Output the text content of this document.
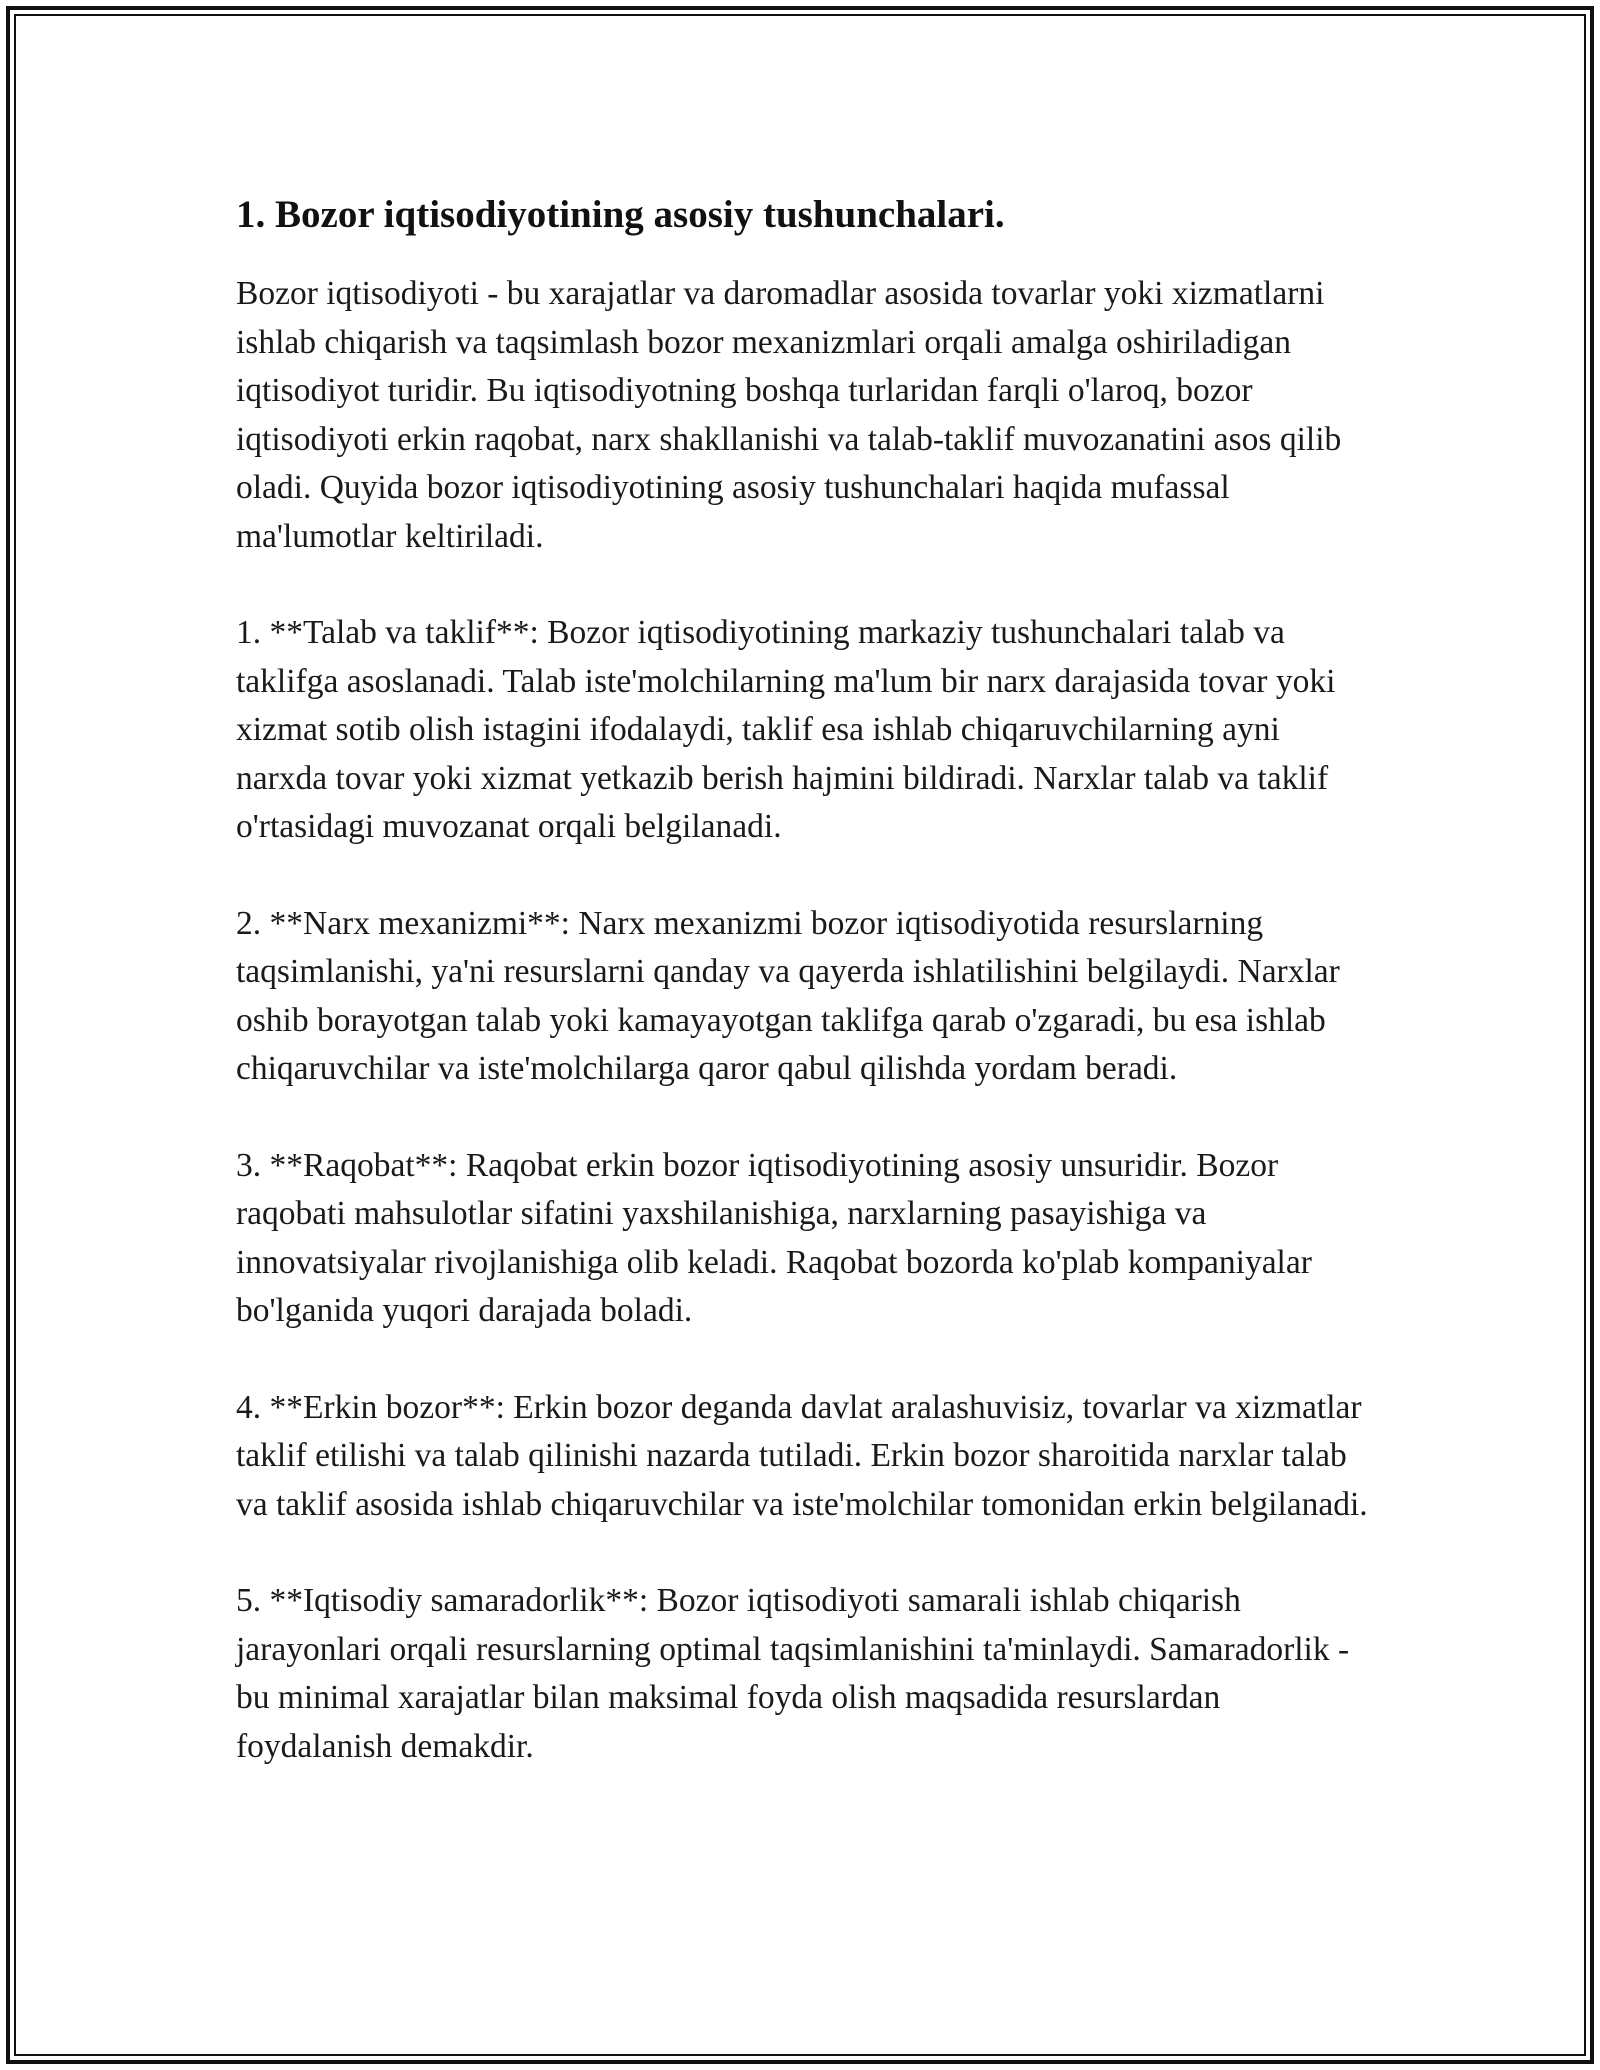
1. Bozor iqtisodiyotining asosiy tushunchalari.

Bozor iqtisodiyoti - bu xarajatlar va daromadlar asosida tovarlar yoki xizmatlarni ishlab chiqarish va taqsimlash bozor mexanizmlari orqali amalga oshiriladigan iqtisodiyot turidir. Bu iqtisodiyotning boshqa turlaridan farqli o'laroq, bozor iqtisodiyoti erkin raqobat, narx shakllanishi va talab-taklif muvozanatini asos qilib oladi. Quyida bozor iqtisodiyotining asosiy tushunchalari haqida mufassal ma'lumotlar keltiriladi.

1. **Talab va taklif**: Bozor iqtisodiyotining markaziy tushunchalari talab va taklifga asoslanadi. Talab iste'molchilarning ma'lum bir narx darajasida tovar yoki xizmat sotib olish istagini ifodalaydi, taklif esa ishlab chiqaruvchilarning ayni narxda tovar yoki xizmat yetkazib berish hajmini bildiradi. Narxlar talab va taklif o'rtasidagi muvozanat orqali belgilanadi.

2. **Narx mexanizmi**: Narx mexanizmi bozor iqtisodiyotida resurslarning taqsimlanishi, ya'ni resurslarni qanday va qayerda ishlatilishini belgilaydi. Narxlar oshib borayotgan talab yoki kamayayotgan taklifga qarab o'zgaradi, bu esa ishlab chiqaruvchilar va iste'molchilarga qaror qabul qilishda yordam beradi.

3. **Raqobat**: Raqobat erkin bozor iqtisodiyotining asosiy unsuridir. Bozor raqobati mahsulotlar sifatini yaxshilanishiga, narxlarning pasayishiga va innovatsiyalar rivojlanishiga olib keladi. Raqobat bozorda ko'plab kompaniyalar bo'lganida yuqori darajada boladi.

4. **Erkin bozor**: Erkin bozor deganda davlat aralashuvisiz, tovarlar va xizmatlar taklif etilishi va talab qilinishi nazarda tutiladi. Erkin bozor sharoitida narxlar talab va taklif asosida ishlab chiqaruvchilar va iste'molchilar tomonidan erkin belgilanadi.

5. **Iqtisodiy samaradorlik**: Bozor iqtisodiyoti samarali ishlab chiqarish jarayonlari orqali resurslarning optimal taqsimlanishini ta'minlaydi. Samaradorlik - bu minimal xarajatlar bilan maksimal foyda olish maqsadida resurslardan foydalanish demakdir.
